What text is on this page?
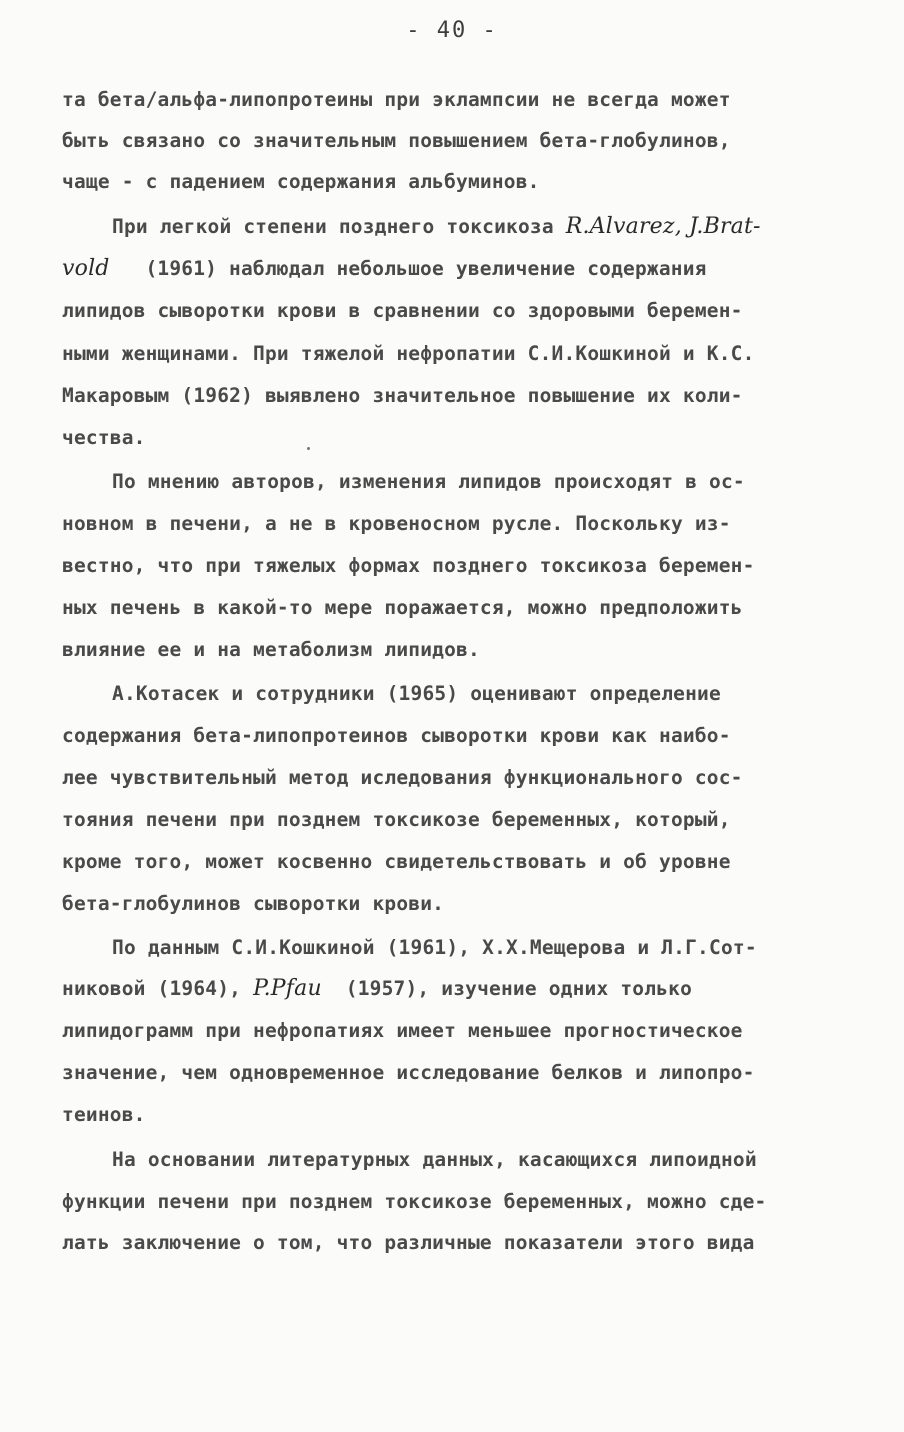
- 40 -
та бета/альфа-липопротеины при эклампсии не всегда может
быть связано со значительным повышением бета-глобулинов,
чаще - с падением содержания альбуминов.
При легкой степени позднего токсикоза R.Alvarez, J.Brat-
vold (1961) наблюдал небольшое увеличение содержания
липидов сыворотки крови в сравнении со здоровыми беремен-
ными женщинами. При тяжелой нефропатии С.И.Кошкиной и К.С.
Макаровым (1962) выявлено значительное повышение их коли-
чества.
По мнению авторов, изменения липидов происходят в ос-
новном в печени, а не в кровеносном русле. Поскольку из-
вестно, что при тяжелых формах позднего токсикоза беремен-
ных печень в какой-то мере поражается, можно предположить
влияние ее и на метаболизм липидов.
А.Котасек и сотрудники (1965) оценивают определение
содержания бета-липопротеинов сыворотки крови как наибо-
лее чувствительный метод иследования функционального сос-
тояния печени при позднем токсикозе беременных, который,
кроме того, может косвенно свидетельствовать и об уровне
бета-глобулинов сыворотки крови.
По данным С.И.Кошкиной (1961), Х.Х.Мещерова и Л.Г.Сот-
никовой (1964), P.Pfau (1957), изучение одних только
липидограмм при нефропатиях имеет меньшее прогностическое
значение, чем одновременное исследование белков и липопро-
теинов.
На основании литературных данных, касающихся липоидной
функции печени при позднем токсикозе беременных, можно сде-
лать заключение о том, что различные показатели этого вида
